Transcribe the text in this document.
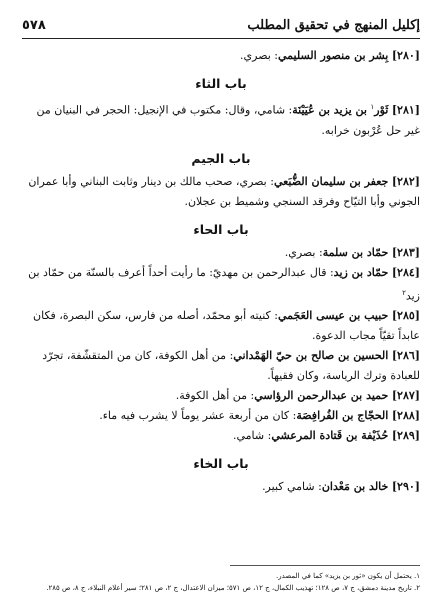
إكليل المنهج في تحقيق المطلب
٥٧٨

[٢٨٠] بِشر بن منصور السليمي: بصري.

باب الثاء

[٢٨١] ثَوْر$^١$ بن يزيد بن عُيَيْنَة: شامي، وقال: مكتوب في الإنجيل: الحجر في البنيان من غير حل عُرْبون خرابه.

باب الجيم

[٢٨٢] جعفر بن سليمان الضُّبَعي: بصري، صحب مالك بن دينار وثابت البناني وأبا عمران الجوني وأبا التيّاح وفرقد السنجي وشميط بن عجلان.

باب الحاء

[٢٨٣] حمّاد بن سلمة: بصري.

[٢٨٤] حمّاد بن زيد: قال عبدالرحمن بن مهديّ: ما رأيت أحداً أعرف بالسنّة من حمّاد بن زيد$^٢$

[٢٨٥] حبيب بن عيسى العَجَمي: كنيته أبو محمّد، أصله من فارس، سكن البصرة، فكان عابداً تقيّاً مجاب الدعوة.

[٢٨٦] الحسين بن صالح بن حيّ الهَمْداني: من أهل الكوفة، كان من المتقشّفة، تجرّد للعبادة وترك الرياسة، وكان فقيهاً.

[٢٨٧] حميد بن عبدالرحمن الرؤاسي: من أهل الكوفة.

[٢٨٨] الحجّاج بن الفُرافِصَة: كان من أربعة عشر يوماً لا يشرب فيه ماء.

[٢٨٩] حُذَيْفة بن قَتادة المرعشي: شامي.

باب الخاء

[٢٩٠] خالد بن مَعْدان: شامي كبير.

١. يحتمل أن يكون «ثور بن يزيد» كما في المصدر.
٢. تاريخ مدينة دمشق، ج ٧، ص ١٢٨؛ تهذيب الكمال، ج ١٢، ص ٥٧١؛ ميزان الاعتدال، ج ٢، ص ٢٨١؛ سير أعلام النبلاء، ج ٨، ص ٢٨٥.
